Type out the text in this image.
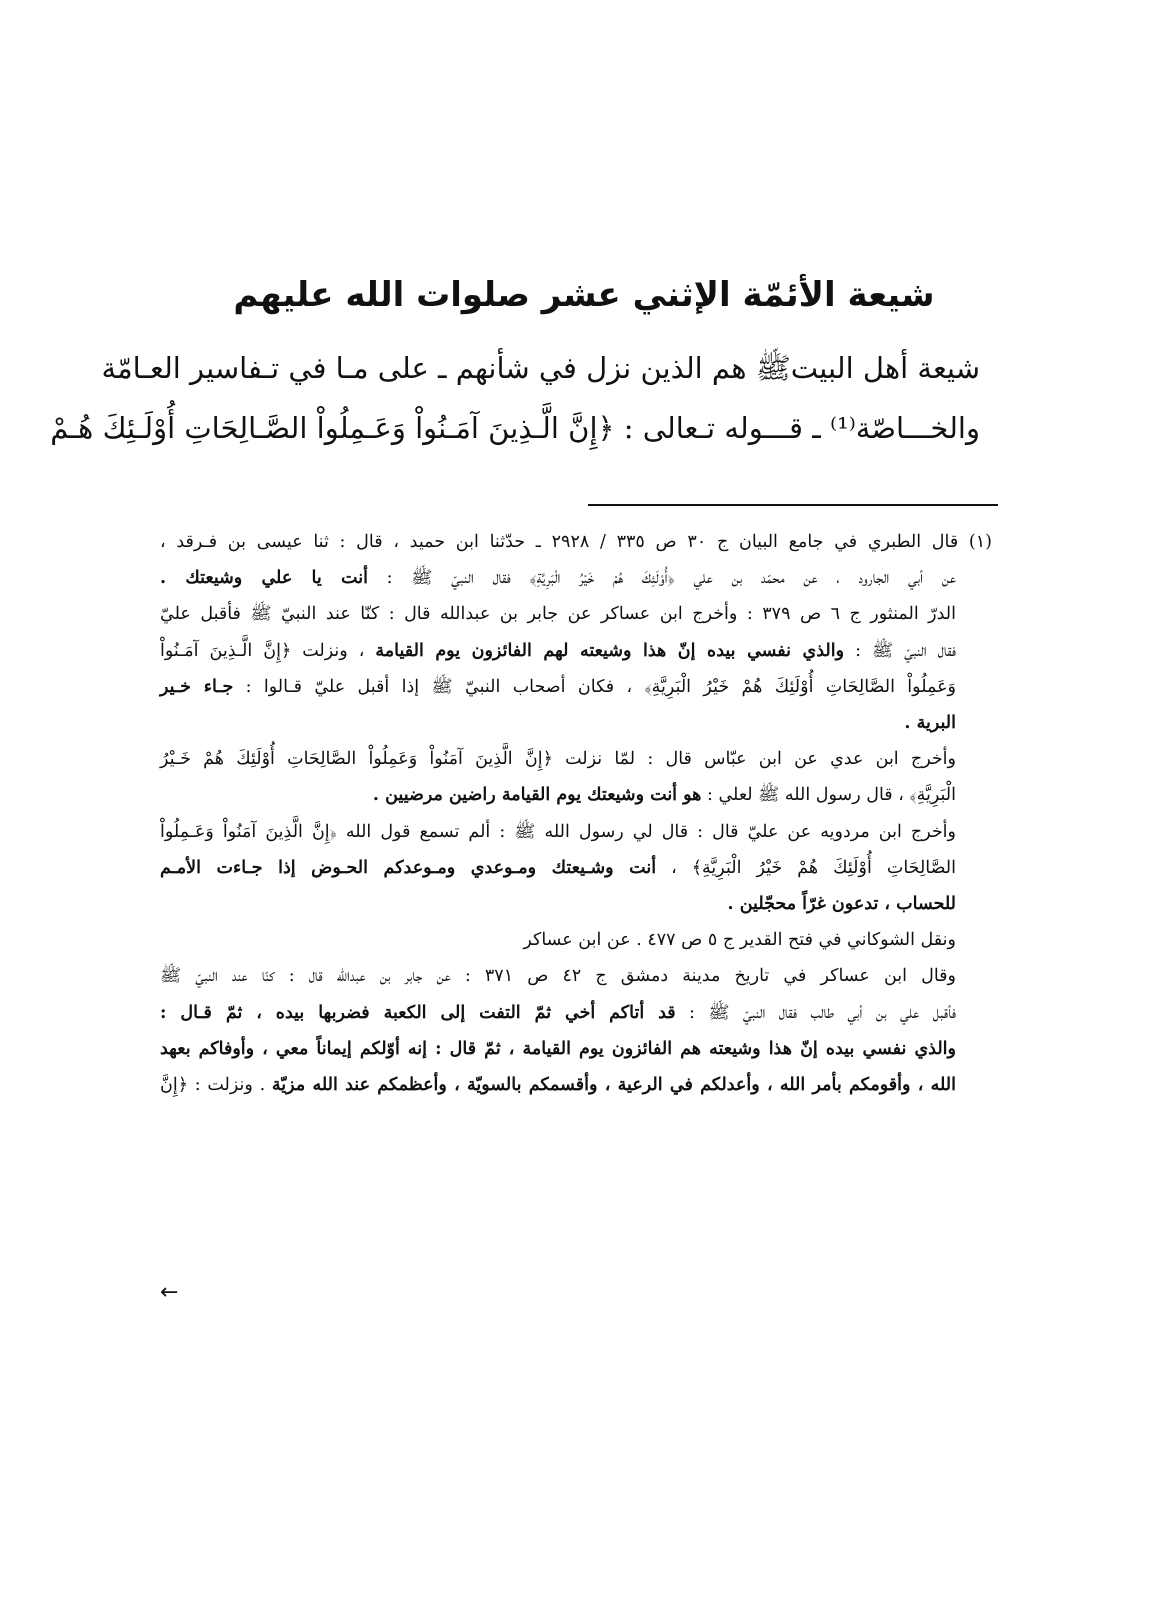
شيعة الأئمّة الإثني عشر صلوات الله عليهم

شيعة أهل البيتﷺ هم الذين نزل في شأنهم ـ على مـا في تـفاسير العـامّة
والخـــاصّة⁽¹⁾ ـ قـــوله تـعالى : ﴿إِنَّ الَّـذِينَ آمَـنُواْ وَعَـمِلُواْ الصَّـالِحَاتِ أُوْلَـئِكَ هُـمْ

(١) قال الطبري في جامع البيان ج ٣٠ ص ٣٣٥ / ٢٩٢٨ ـ حدّثنا ابن حميد ، قال : ثنا عيسى بن فـرقد ،
عن أبي الجارود ، عن محمّد بن علي ﴿أُوْلَئِكَ هُمْ خَيْرُ الْبَرِيَّةِ﴾ فقال النبيّ ﷺ : أنت يا علي وشيعتك .
الدرّ المنثور ج ٦ ص ٣٧٩ : وأخرج ابن عساكر عن جابر بن عبدالله قال : كنّا عند النبيّ ﷺ فأقبل عليّ
فقال النبيّ ﷺ : والذي نفسي بيده إنّ هذا وشيعته لهم الفائزون يوم القيامة ، ونزلت ﴿إِنَّ الَّـذِينَ آمَـنُواْ
وَعَمِلُواْ الصَّالِحَاتِ أُوْلَئِكَ هُمْ خَيْرُ الْبَرِيَّةِ﴾ ، فكان أصحاب النبيّ ﷺ إذا أقبل عليّ قـالوا : جـاء خـير
البرية .
وأخرج ابن عدي عن ابن عبّاس قال : لمّا نزلت ﴿إِنَّ الَّذِينَ آمَنُواْ وَعَمِلُواْ الصَّالِحَاتِ أُوْلَئِكَ هُمْ خَـيْرُ
الْبَرِيَّةِ﴾ ، قال رسول الله ﷺ لعلي : هو أنت وشيعتك يوم القيامة راضين مرضيين .
وأخرج ابن مردويه عن عليّ قال : قال لي رسول الله ﷺ : ألم تسمع قول الله ﴿إِنَّ الَّذِينَ آمَنُواْ وَعَـمِلُواْ
الصَّالِحَاتِ أُوْلَئِكَ هُمْ خَيْرُ الْبَرِيَّةِ﴾ ، أنت وشـيعتك ومـوعدي ومـوعدكم الحـوض إذا جـاءت الأمـم
للحساب ، تدعون غرّاً محجّلين .
ونقل الشوكاني في فتح القدير ج ٥ ص ٤٧٧ . عن ابن عساكر
وقال ابن عساكر في تاريخ مدينة دمشق ج ٤٢ ص ٣٧١ : عن جابر بن عبدالله قال : كنّا عند النبيّ ﷺ
فأقبل علي بن أبي طالب فقال النبيّ ﷺ : قد أتاكم أخي ثمّ التفت إلى الكعبة فضربها بيده ، ثمّ قـال :
والذي نفسي بيده إنّ هذا وشيعته هم الفائزون يوم القيامة ، ثمّ قال : إنه أوّلكم إيماناً معي ، وأوفاكم بعهد
الله ، وأقومكم بأمر الله ، وأعدلكم في الرعية ، وأقسمكم بالسويّة ، وأعظمكم عند الله مزيّة . ونزلت : ﴿إِنَّ
←
